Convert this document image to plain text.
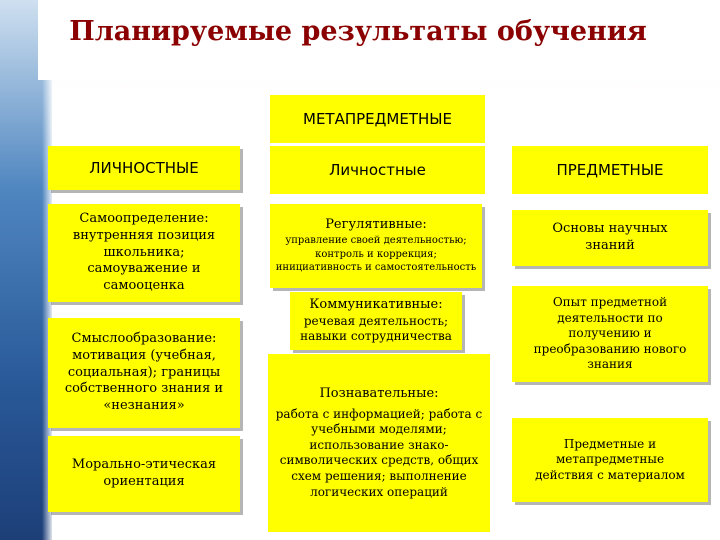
Планируемые результаты обучения
МЕТАПРЕДМЕТНЫЕ
ЛИЧНОСТНЫЕ	Личностные	ПРЕДМЕТНЫЕ
Самоопределение: внутренняя позиция школьника; самоуважение и самооценка
Смыслообразование: мотивация (учебная, социальная); границы собственного знания и «незнания»
Морально-этическая ориентация
Регулятивные:
управление своей деятельностью; контроль и коррекция; инициативность и самостоятельность
Коммуникативные:
речевая деятельность; навыки сотрудничества
Познавательные:
работа с информацией; работа с учебными моделями; использование знако-символических средств, общих схем решения; выполнение логических операций
Основы научных знаний
Опыт предметной деятельности по получению и преобразованию нового знания
Предметные и метапредметные действия с материалом
